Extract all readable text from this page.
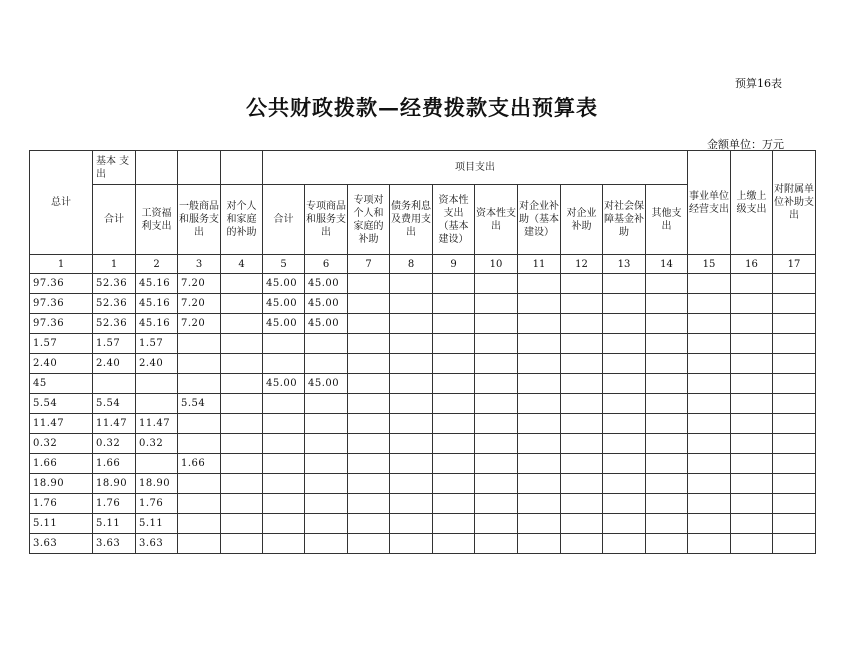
预算16表
公共财政拨款—经费拨款支出预算表
金额单位：万元
总计	基本 支出				项目支出										事业单位经营支出	上缴上级支出	对附属单位补助支出
	合计	工资福利支出	一般商品和服务支出	对个人和家庭的补助	合计	专项商品和服务支出	专项对个人和家庭的补助	债务利息及费用支出	资本性支出（基本建设）	资本性支出	对企业补助（基本建设）	对企业补助	对社会保障基金补助	其他支出			
1	1	2	3	4	5	6	7	8	9	10	11	12	13	14	15	16	17
97.36	52.36	45.16	7.20		45.00	45.00											
97.36	52.36	45.16	7.20		45.00	45.00											
97.36	52.36	45.16	7.20		45.00	45.00											
1.57	1.57	1.57															
2.40	2.40	2.40															
45					45.00	45.00											
5.54	5.54		5.54														
11.47	11.47	11.47															
0.32	0.32	0.32															
1.66	1.66		1.66														
18.90	18.90	18.90															
1.76	1.76	1.76															
5.11	5.11	5.11															
3.63	3.63	3.63															
